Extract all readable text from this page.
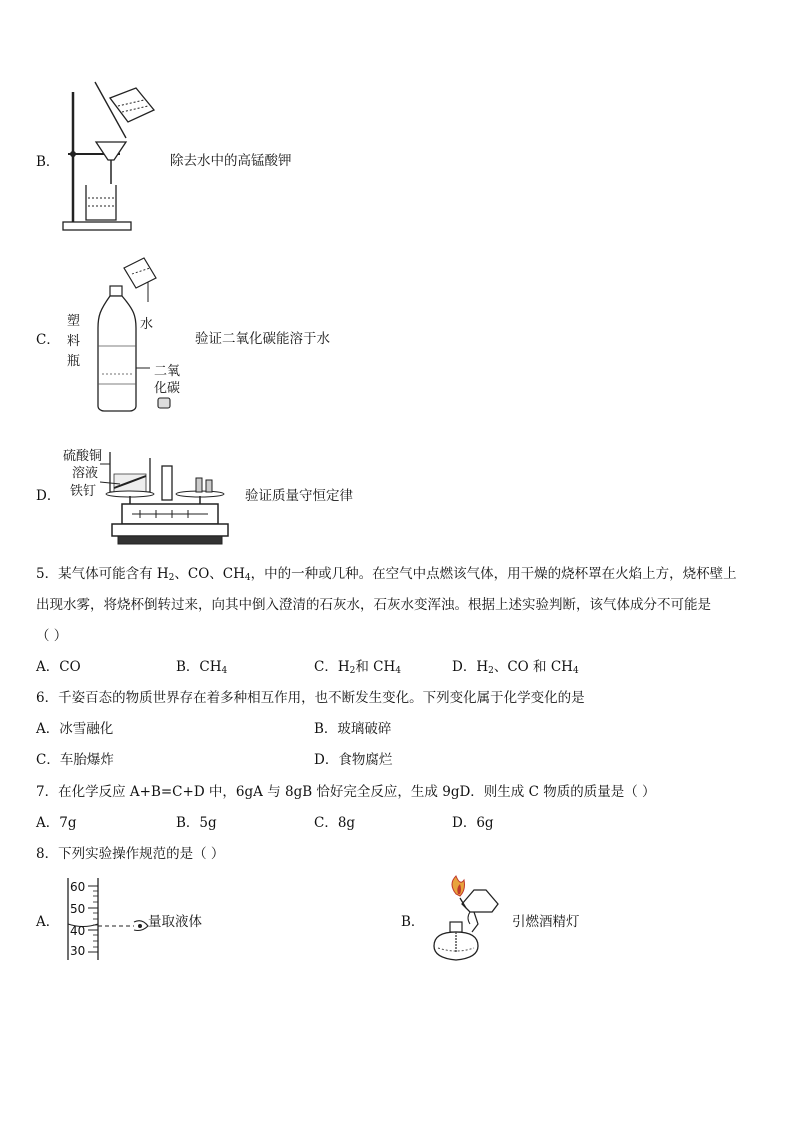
B．	除去水中的高锰酸钾
C．
塑
料
瓶
水
二氧
化碳
验证二氧化碳能溶于水
D．
硫酸铜
溶液
铁钉	验证质量守恒定律
5．某气体可能含有 $H_2$、CO、$CH_4$，中的一种或几种。在空气中点燃该气体，用干燥的烧杯罩在火焰上方，烧杯壁上
出现水雾，将烧杯倒转过来，向其中倒入澄清的石灰水，石灰水变浑浊。根据上述实验判断，该气体成分不可能是
（ ）
A．CO	B．$CH_4$	C．$H_2$和 $CH_4$	D．$H_2$、CO 和 $CH_4$
6．千姿百态的物质世界存在着多种相互作用，也不断发生变化。下列变化属于化学变化的是
A．冰雪融化	B．玻璃破碎
C．车胎爆炸	D．食物腐烂
7．在化学反应 A+B=C+D 中，6gA 与 8gB 恰好完全反应，生成 9gD．则生成 C 物质的质量是（ ）
A．7g	B．5g	C．8g	D．6g
8．下列实验操作规范的是（ ）
A．
60
50
40
30
量取液体	B．	引燃酒精灯
